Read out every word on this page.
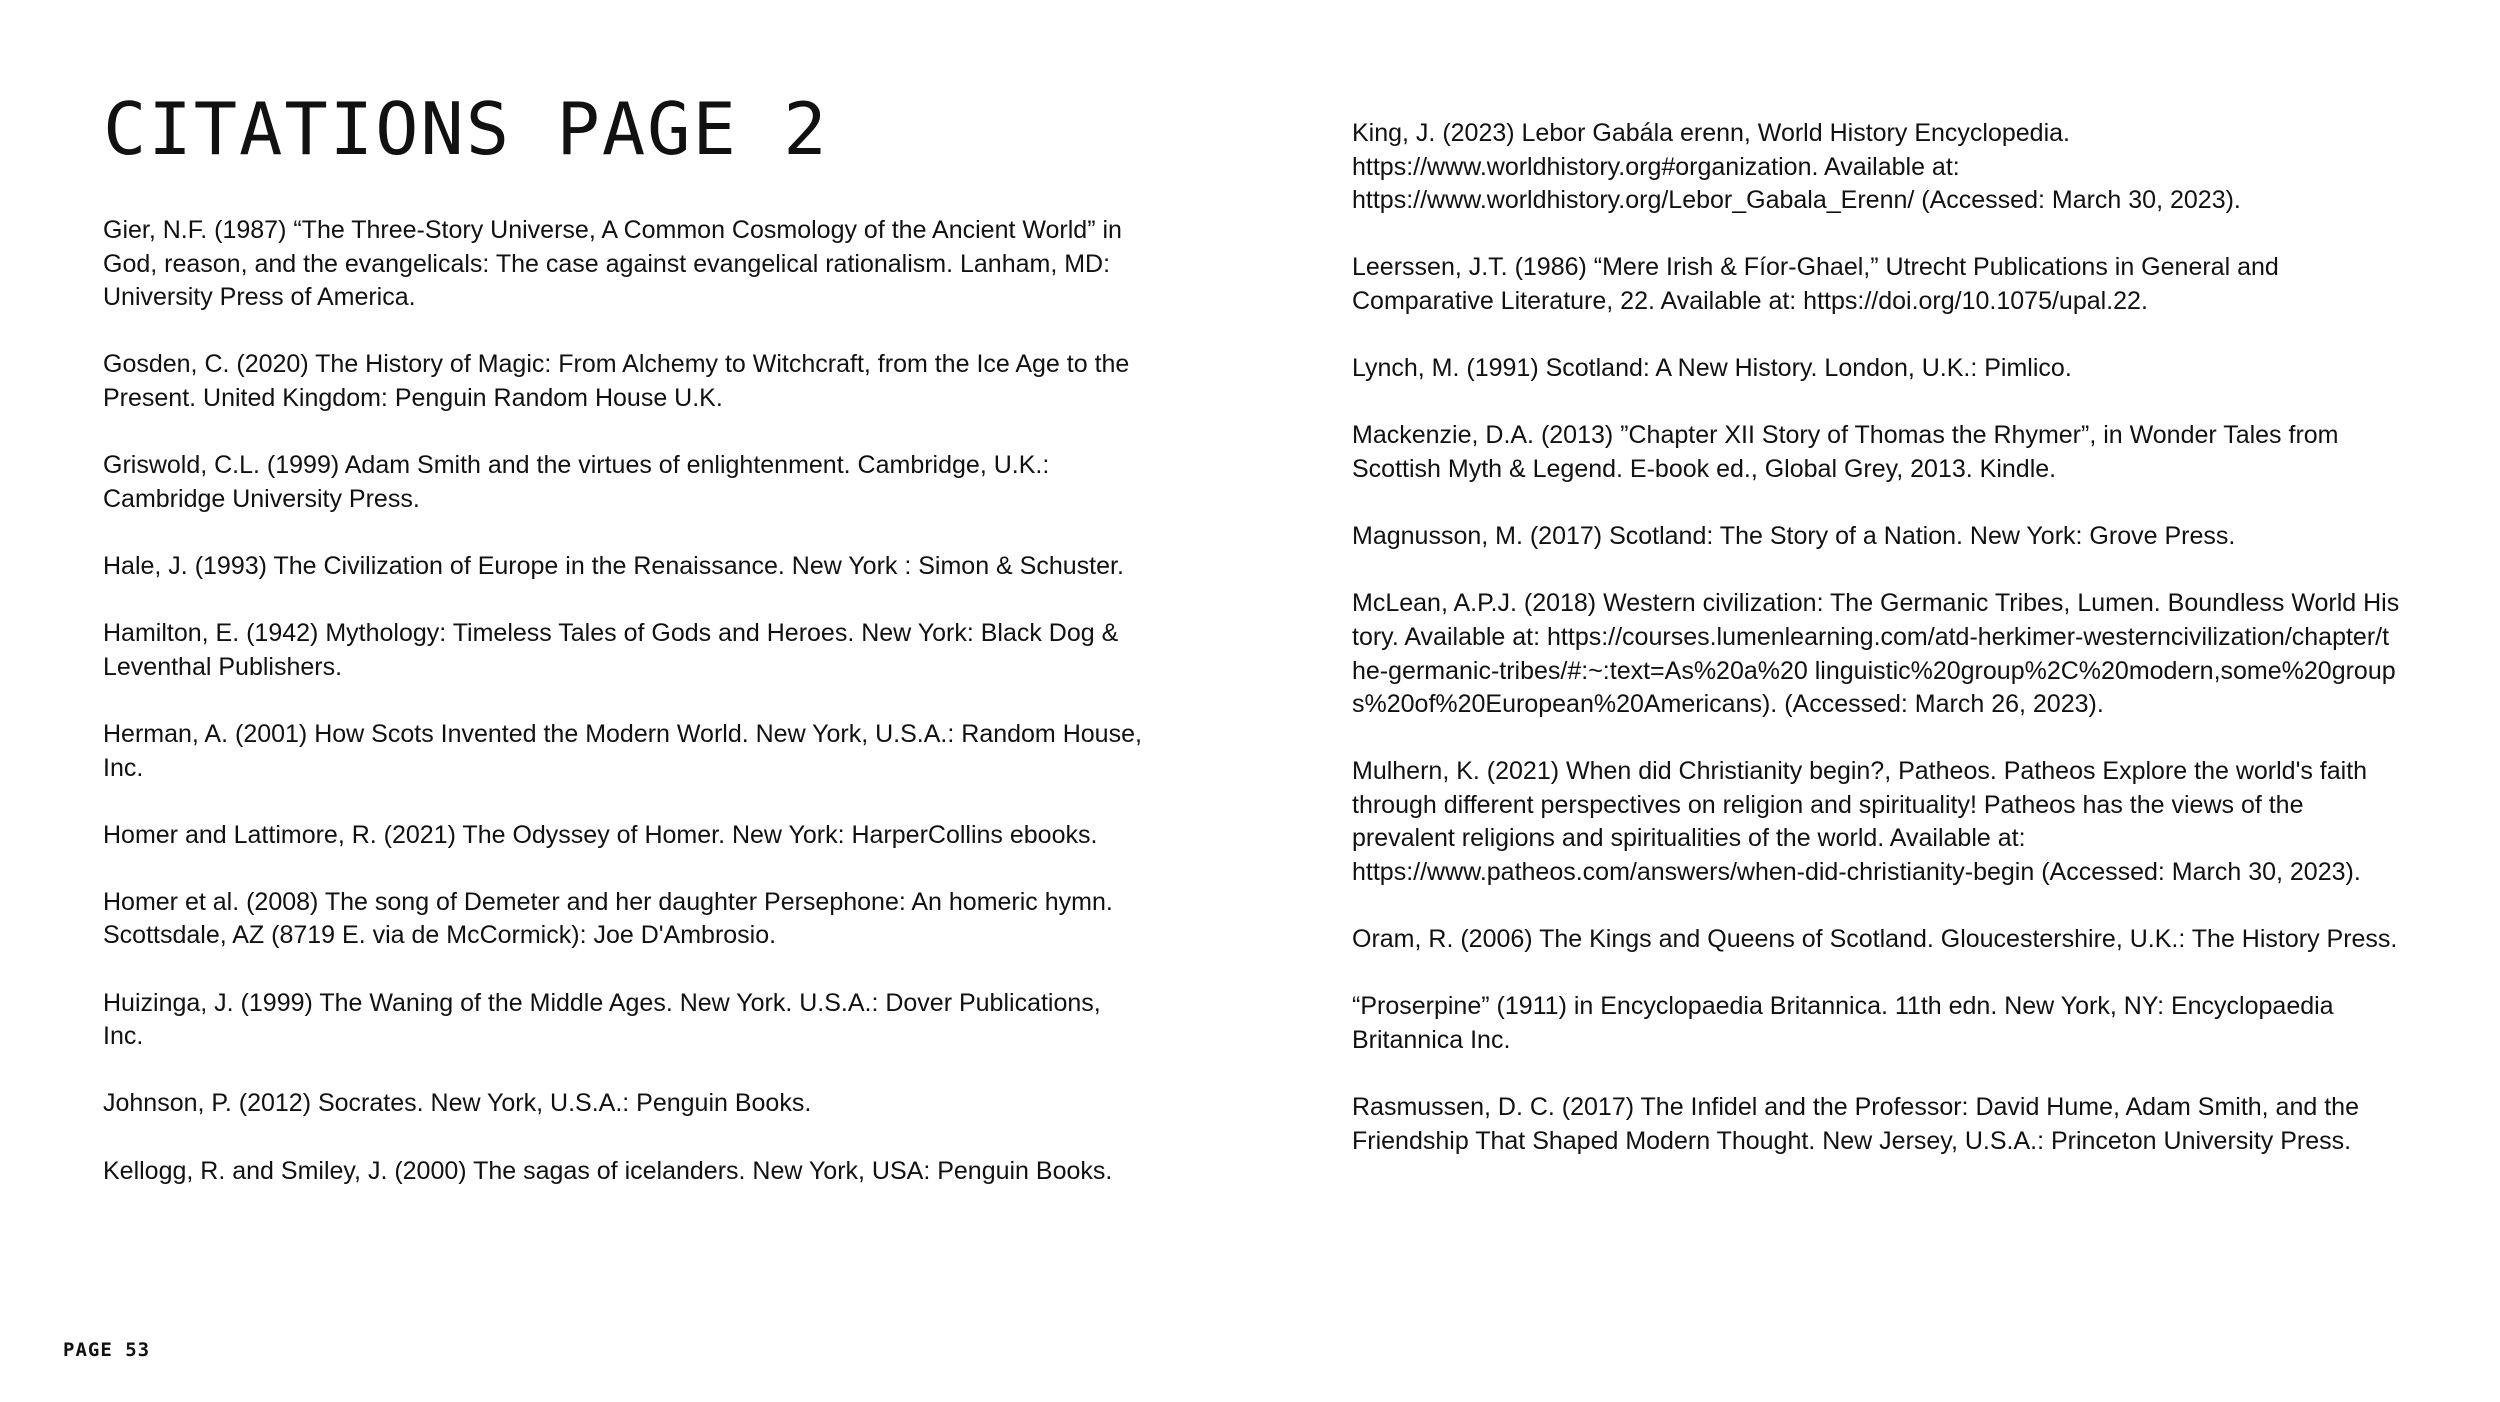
CITATIONS PAGE 2
Gier, N.F. (1987) “The Three-Story Universe, A Common Cosmology of the Ancient World” in God, reason, and the evangelicals: The case against evangelical rationalism. Lanham, MD: University Press of America.
Gosden, C. (2020) The History of Magic: From Alchemy to Witchcraft, from the Ice Age to the Present. United Kingdom: Penguin Random House U.K.
Griswold, C.L. (1999) Adam Smith and the virtues of enlightenment. Cambridge, U.K.: Cambridge University Press.
Hale, J. (1993) The Civilization of Europe in the Renaissance. New York : Simon & Schuster.
Hamilton, E. (1942) Mythology: Timeless Tales of Gods and Heroes. New York: Black Dog & Leventhal Publishers.
Herman, A. (2001) How Scots Invented the Modern World. New York, U.S.A.: Random House, Inc.
Homer and Lattimore, R. (2021) The Odyssey of Homer. New York: HarperCollins ebooks.
Homer et al. (2008) The song of Demeter and her daughter Persephone: An homeric hymn. Scottsdale, AZ (8719 E. via de McCormick): Joe D'Ambrosio.
Huizinga, J. (1999) The Waning of the Middle Ages. New York. U.S.A.: Dover Publications, Inc.
Johnson, P. (2012) Socrates. New York, U.S.A.: Penguin Books.
Kellogg, R. and Smiley, J. (2000) The sagas of icelanders. New York, USA: Penguin Books.
King, J. (2023) Lebor Gabála erenn, World History Encyclopedia. https://www.worldhistory.org#organization. Available at: https://www.worldhistory.org/Lebor_Gabala_Erenn/ (Accessed: March 30, 2023).
Leerssen, J.T. (1986) “Mere Irish & Fíor-Ghael,” Utrecht Publications in General and Comparative Literature, 22. Available at: https://doi.org/10.1075/upal.22.
Lynch, M. (1991) Scotland: A New History. London, U.K.: Pimlico.
Mackenzie, D.A. (2013) ”Chapter XII Story of Thomas the Rhymer”, in Wonder Tales from Scottish Myth & Legend. E-book ed., Global Grey, 2013. Kindle.
Magnusson, M. (2017) Scotland: The Story of a Nation. New York: Grove Press.
McLean, A.P.J. (2018) Western civilization: The Germanic Tribes, Lumen. Boundless World History. Available at: https://courses.lumenlearning.com/atd-herkimer-westerncivilization/chapter/the-germanic-tribes/#:~:text=As%20a%20 linguistic%20group%2C%20modern,some%20groups%20of%20European%20Americans). (Accessed: March 26, 2023).
Mulhern, K. (2021) When did Christianity begin?, Patheos. Patheos Explore the world's faith through different perspectives on religion and spirituality! Patheos has the views of the prevalent religions and spiritualities of the world. Available at: https://www.patheos.com/answers/when-did-christianity-begin (Accessed: March 30, 2023).
Oram, R. (2006) The Kings and Queens of Scotland. Gloucestershire, U.K.: The History Press.
“Proserpine” (1911) in Encyclopaedia Britannica. 11th edn. New York, NY: Encyclopaedia Britannica Inc.
Rasmussen, D. C. (2017) The Infidel and the Professor: David Hume, Adam Smith, and the Friendship That Shaped Modern Thought. New Jersey, U.S.A.: Princeton University Press.
PAGE 53
